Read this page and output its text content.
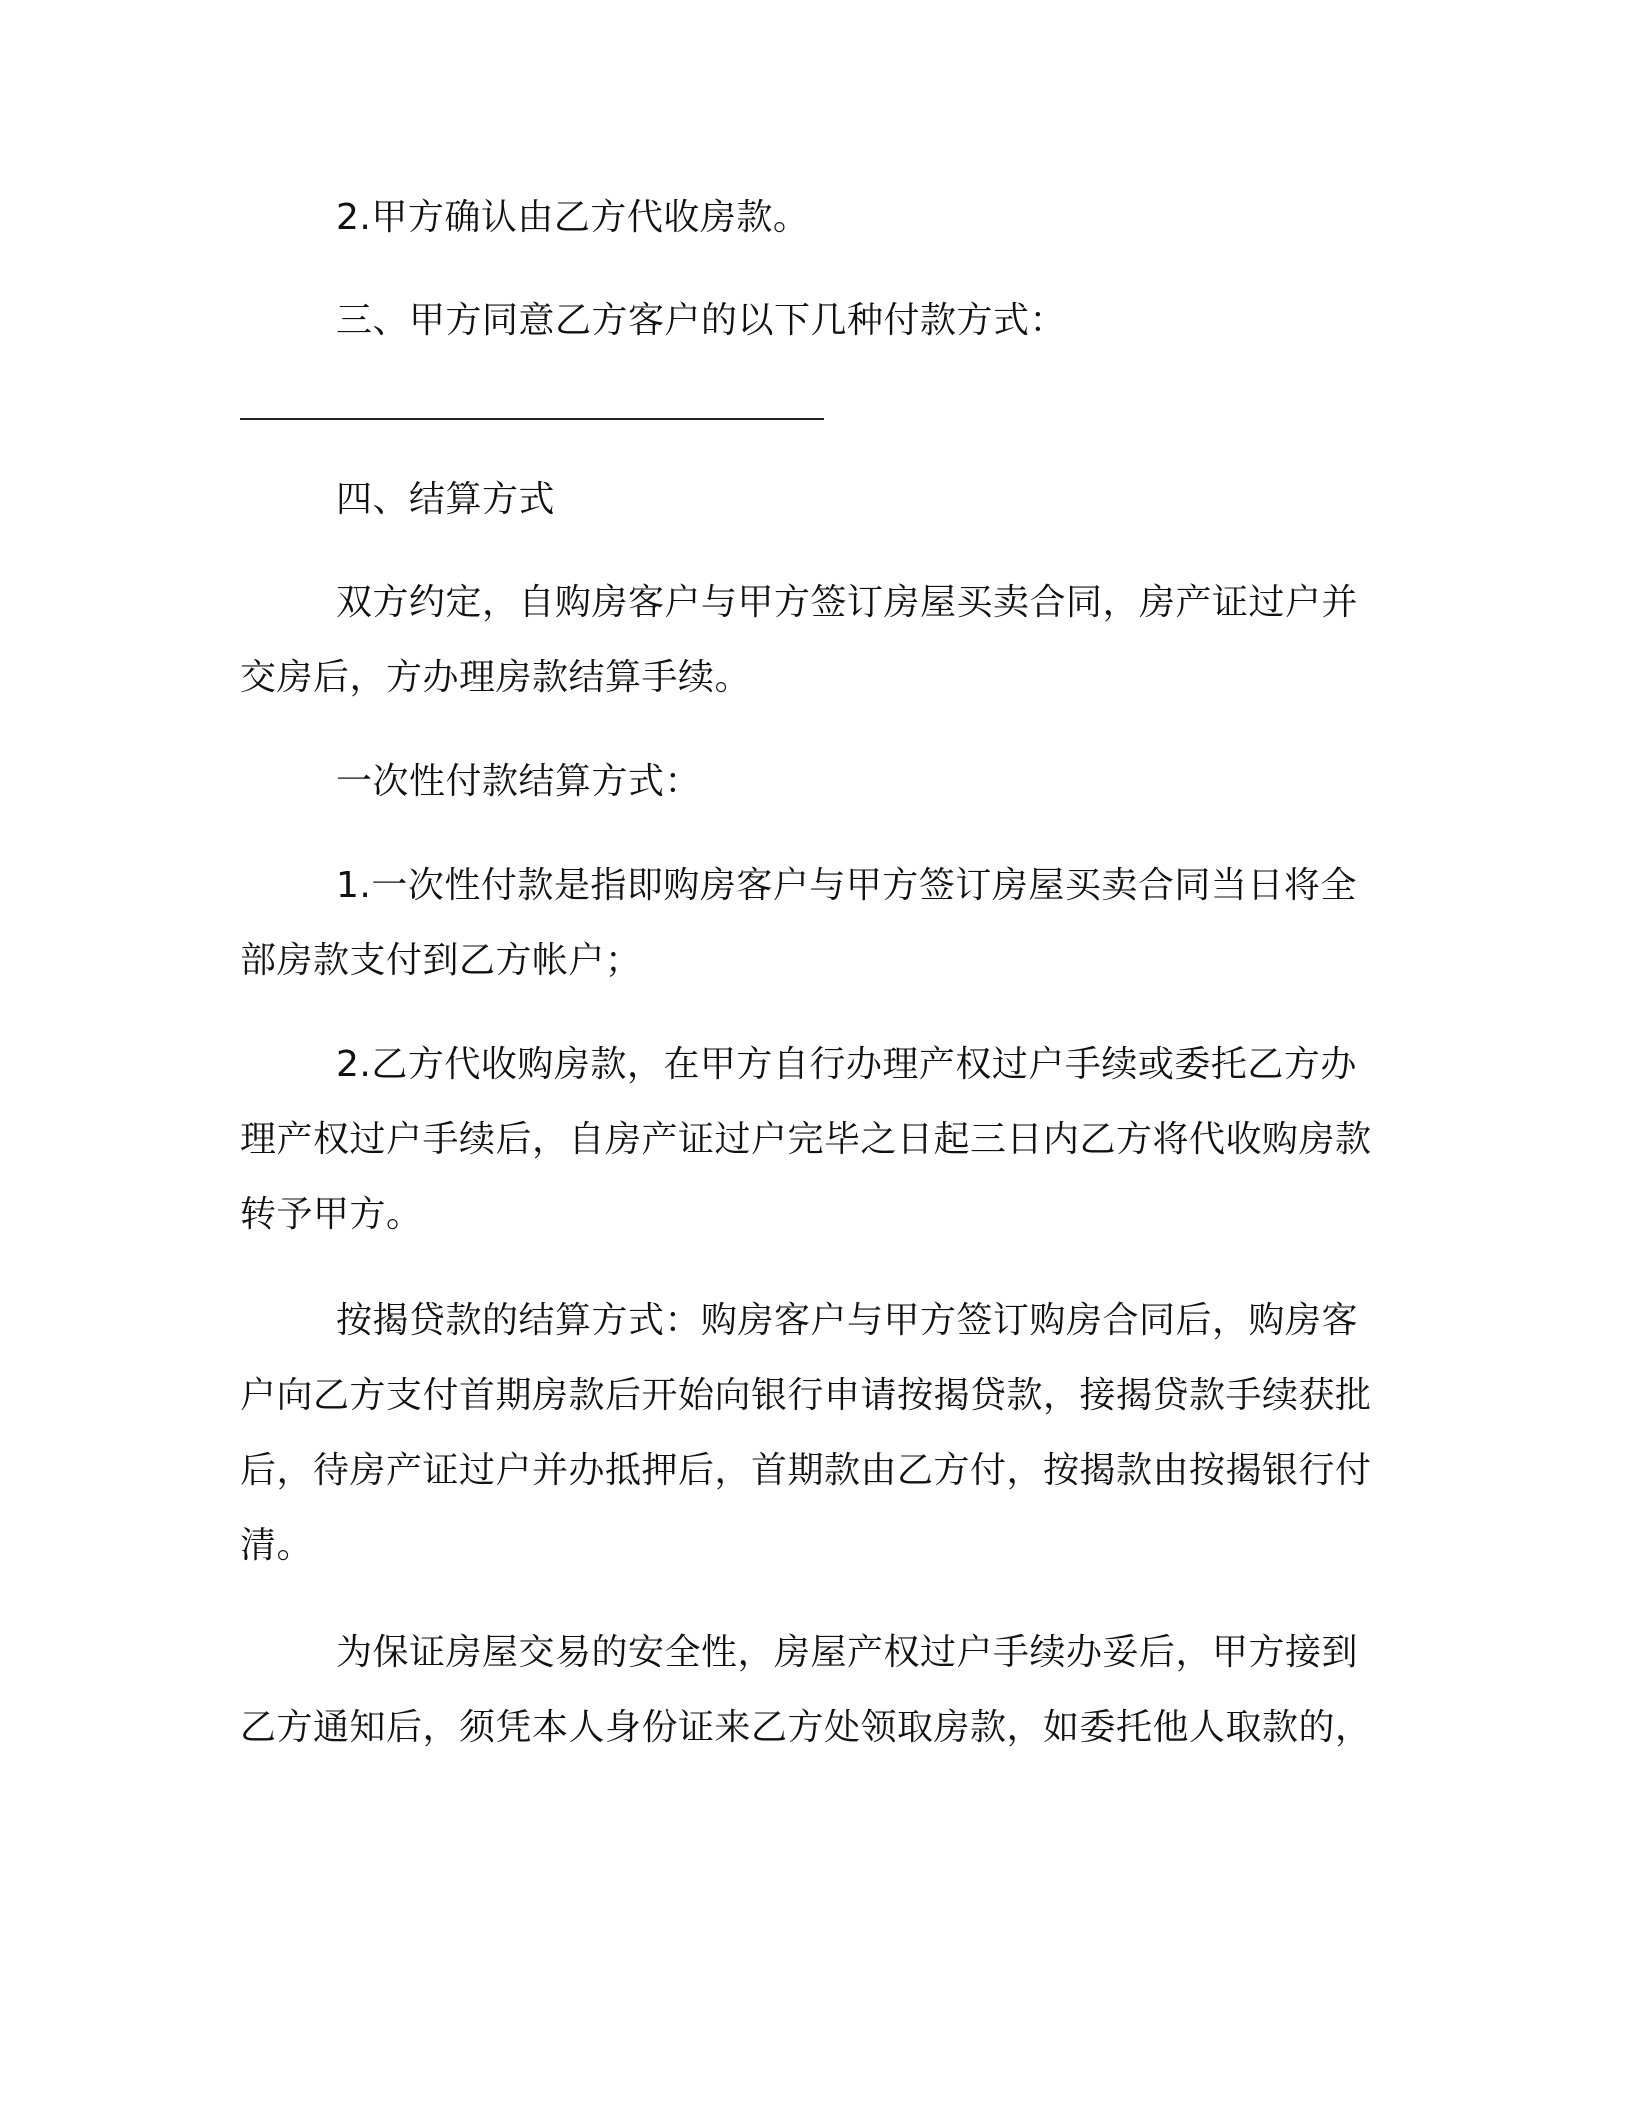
2.甲方确认由乙方代收房款。

三、甲方同意乙方客户的以下几种付款方式：

四、结算方式

双方约定，自购房客户与甲方签订房屋买卖合同，房产证过户并交房后，方办理房款结算手续。

一次性付款结算方式：

1.一次性付款是指即购房客户与甲方签订房屋买卖合同当日将全部房款支付到乙方帐户；

2.乙方代收购房款，在甲方自行办理产权过户手续或委托乙方办理产权过户手续后，自房产证过户完毕之日起三日内乙方将代收购房款转予甲方。

按揭贷款的结算方式：购房客户与甲方签订购房合同后，购房客户向乙方支付首期房款后开始向银行申请按揭贷款，接揭贷款手续获批后，待房产证过户并办抵押后，首期款由乙方付，按揭款由按揭银行付清。

为保证房屋交易的安全性，房屋产权过户手续办妥后，甲方接到乙方通知后，须凭本人身份证来乙方处领取房款，如委托他人取款的，
